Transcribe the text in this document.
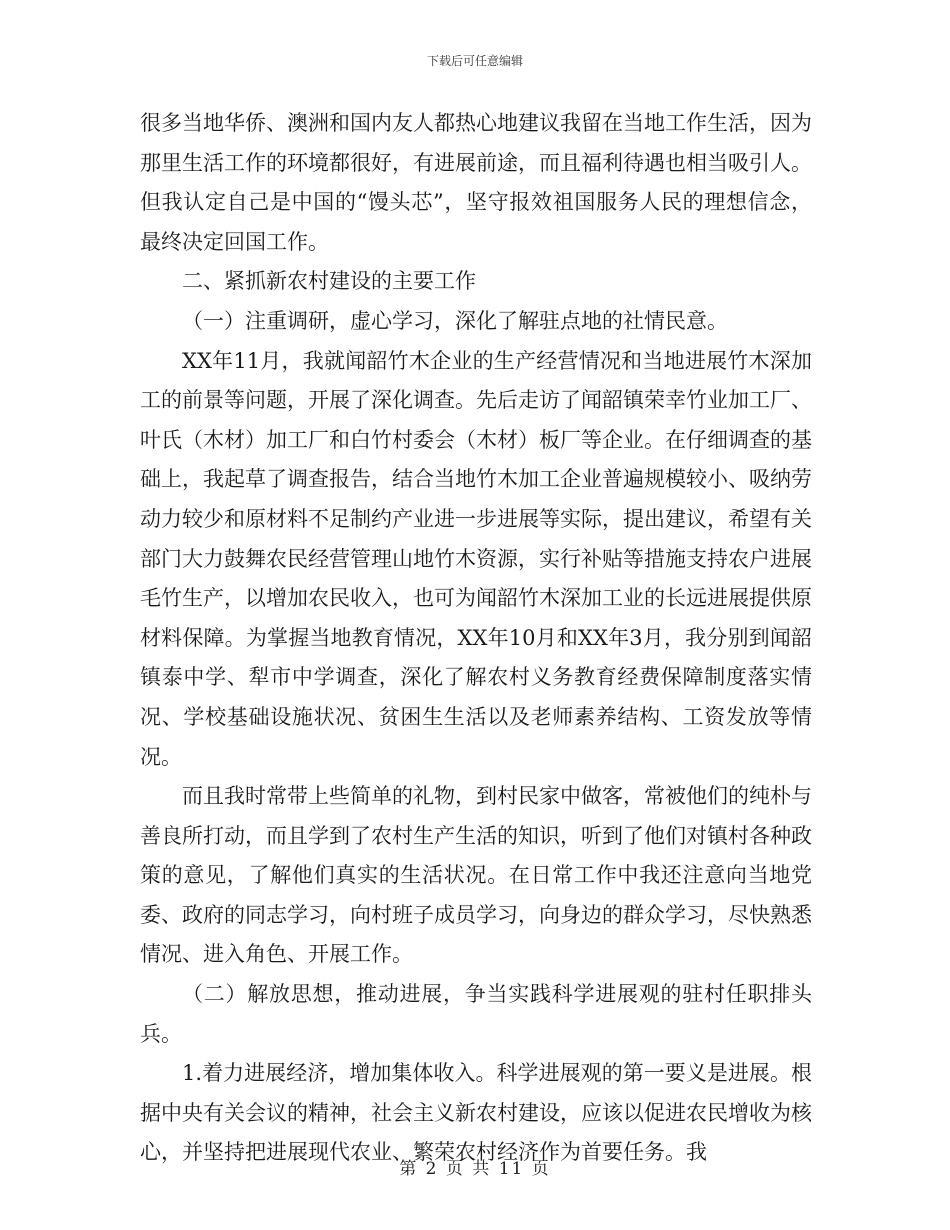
下载后可任意编辑

很多当地华侨、澳洲和国内友人都热心地建议我留在当地工作生活，因为那里生活工作的环境都很好，有进展前途，而且福利待遇也相当吸引人。但我认定自己是中国的“馒头芯”，坚守报效祖国服务人民的理想信念，最终决定回国工作。

二、紧抓新农村建设的主要工作

（一）注重调研，虚心学习，深化了解驻点地的社情民意。

XX年11月，我就闻韶竹木企业的生产经营情况和当地进展竹木深加工的前景等问题，开展了深化调查。先后走访了闻韶镇荣幸竹业加工厂、叶氏（木材）加工厂和白竹村委会（木材）板厂等企业。在仔细调查的基础上，我起草了调查报告，结合当地竹木加工企业普遍规模较小、吸纳劳动力较少和原材料不足制约产业进一步进展等实际，提出建议，希望有关部门大力鼓舞农民经营管理山地竹木资源，实行补贴等措施支持农户进展毛竹生产，以增加农民收入，也可为闻韶竹木深加工业的长远进展提供原材料保障。为掌握当地教育情况，XX年10月和XX年3月，我分别到闻韶镇泰中学、犁市中学调查，深化了解农村义务教育经费保障制度落实情况、学校基础设施状况、贫困生生活以及老师素养结构、工资发放等情况。

而且我时常带上些简单的礼物，到村民家中做客，常被他们的纯朴与善良所打动，而且学到了农村生产生活的知识，听到了他们对镇村各种政策的意见，了解他们真实的生活状况。在日常工作中我还注意向当地党委、政府的同志学习，向村班子成员学习，向身边的群众学习，尽快熟悉情况、进入角色、开展工作。

（二）解放思想，推动进展，争当实践科学进展观的驻村任职排头兵。

1.着力进展经济，增加集体收入。科学进展观的第一要义是进展。根据中央有关会议的精神，社会主义新农村建设，应该以促进农民增收为核心，并坚持把进展现代农业、繁荣农村经济作为首要任务。我

第 2 页 共 11 页
